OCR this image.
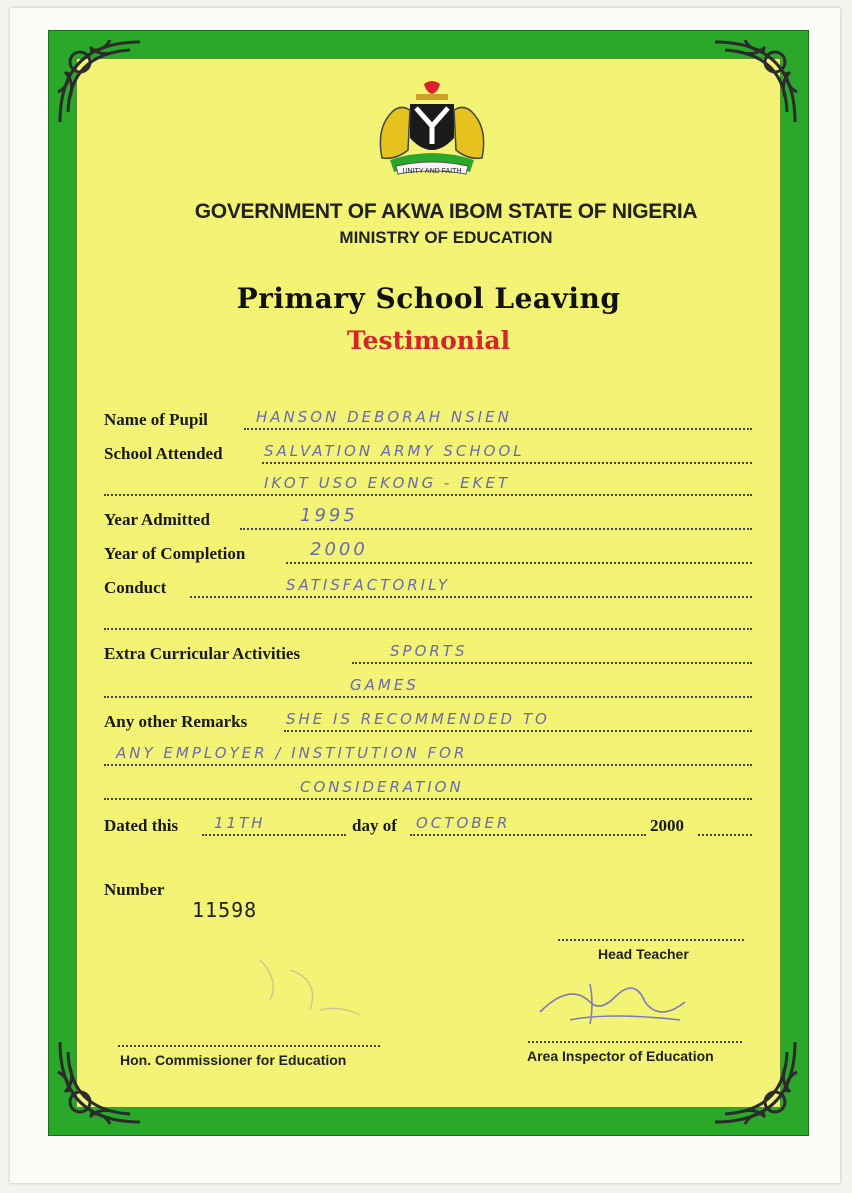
UNITY AND FAITH
GOVERNMENT OF AKWA IBOM STATE OF NIGERIA
MINISTRY OF EDUCATION
Primary School Leaving
Testimonial
Name of Pupil	HANSON DEBORAH NSIEN
School Attended	SALVATION ARMY SCHOOL
IKOT USO EKONG - EKET
Year Admitted	1995
Year of Completion	2000
Conduct	SATISFACTORILY
Extra Curricular Activities	SPORTS
GAMES
Any other Remarks	SHE IS RECOMMENDED TO
ANY EMPLOYER / INSTITUTION FOR
CONSIDERATION
Dated this 11TH	day of OCTOBER	2000
Number
11598
Head Teacher
Area Inspector of Education
Hon. Commissioner for Education
